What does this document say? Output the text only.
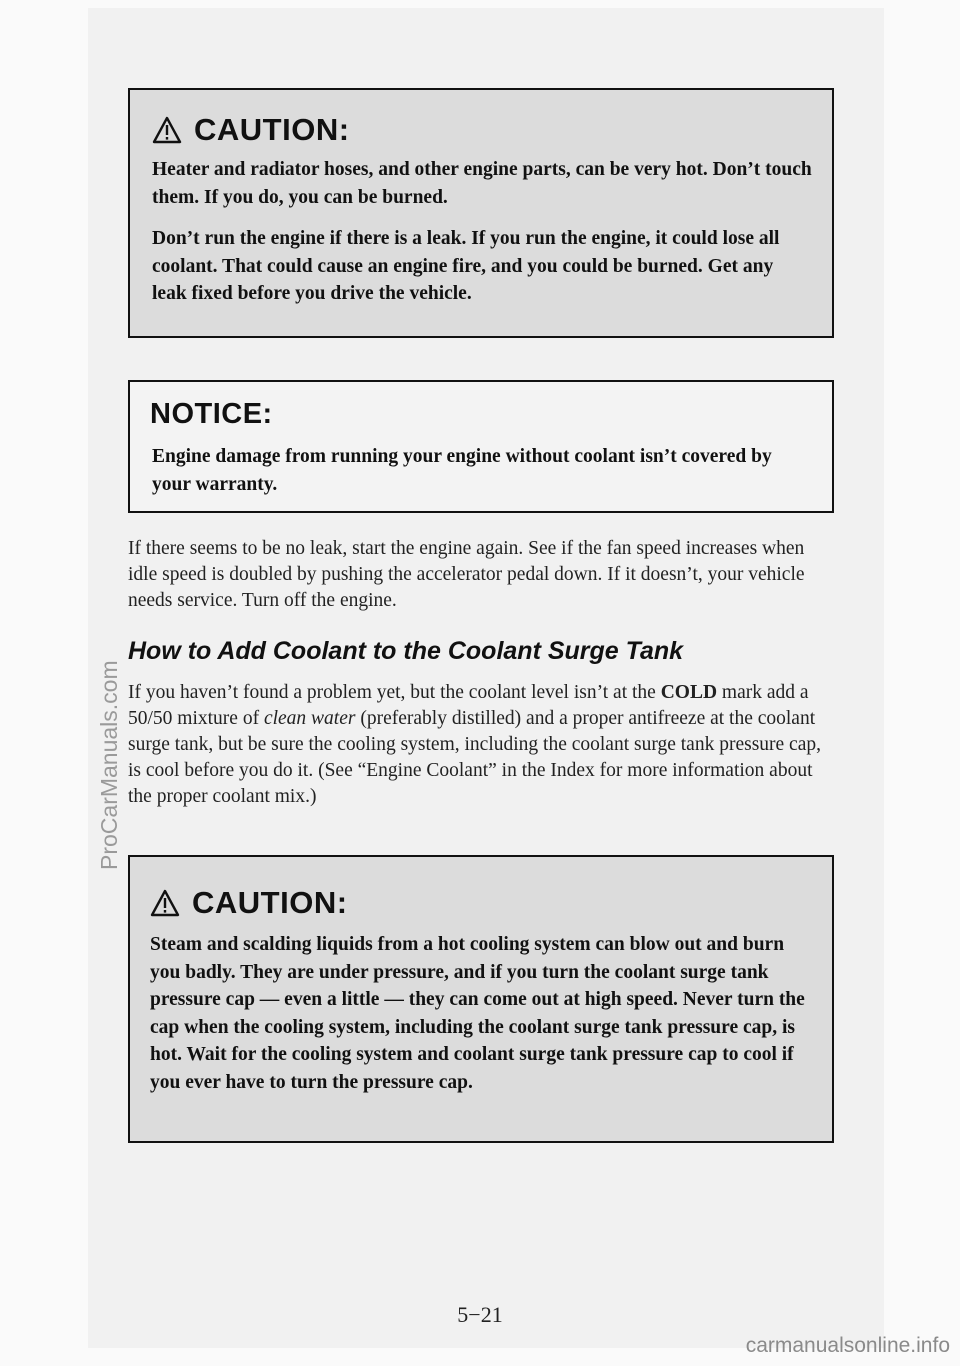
CAUTION:

Heater and radiator hoses, and other engine parts, can be very hot. Don’t touch them. If you do, you can be burned.

Don’t run the engine if there is a leak. If you run the engine, it could lose all coolant. That could cause an engine fire, and you could be burned. Get any leak fixed before you drive the vehicle.

NOTICE:

Engine damage from running your engine without coolant isn’t covered by your warranty.

If there seems to be no leak, start the engine again. See if the fan speed increases when idle speed is doubled by pushing the accelerator pedal down. If it doesn’t, your vehicle needs service. Turn off the engine.

How to Add Coolant to the Coolant Surge Tank

If you haven’t found a problem yet, but the coolant level isn’t at the COLD mark add a 50/50 mixture of clean water (preferably distilled) and a proper antifreeze at the coolant surge tank, but be sure the cooling system, including the coolant surge tank pressure cap, is cool before you do it. (See “Engine Coolant” in the Index for more information about the proper coolant mix.)

CAUTION:

Steam and scalding liquids from a hot cooling system can blow out and burn you badly. They are under pressure, and if you turn the coolant surge tank pressure cap — even a little — they can come out at high speed. Never turn the cap when the cooling system, including the coolant surge tank pressure cap, is hot. Wait for the cooling system and coolant surge tank pressure cap to cool if you ever have to turn the pressure cap.

5−21
ProCarManuals.com
carmanualsonline.info
